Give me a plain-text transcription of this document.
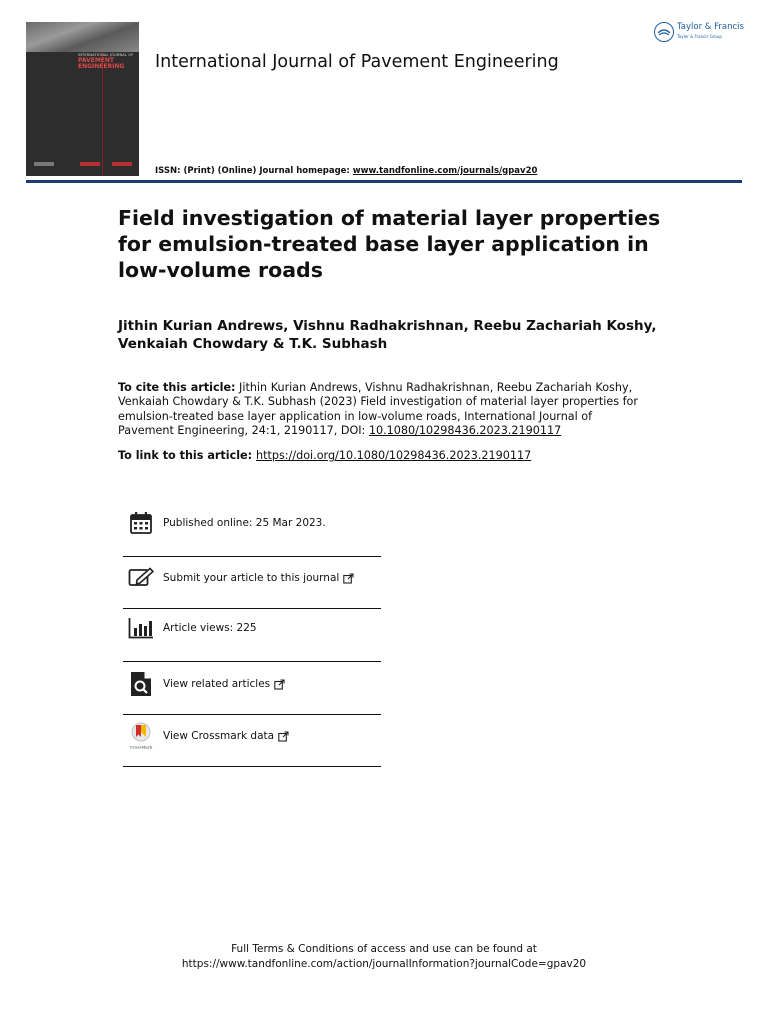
INTERNATIONAL JOURNAL OF
PAVEMENT
ENGINEERING International Journal of Pavement Engineering
Taylor & Francis
Taylor & Francis Group
ISSN: (Print) (Online) Journal homepage: www.tandfonline.com/journals/gpav20
Field investigation of material layer properties for emulsion-treated base layer application in low-volume roads
Jithin Kurian Andrews, Vishnu Radhakrishnan, Reebu Zachariah Koshy, Venkaiah Chowdary & T.K. Subhash
To cite this article: Jithin Kurian Andrews, Vishnu Radhakrishnan, Reebu Zachariah Koshy, Venkaiah Chowdary & T.K. Subhash (2023) Field investigation of material layer properties for emulsion-treated base layer application in low-volume roads, International Journal of Pavement Engineering, 24:1, 2190117, DOI: 10.1080/10298436.2023.2190117
To link to this article: https://doi.org/10.1080/10298436.2023.2190117
Published online: 25 Mar 2023.
Submit your article to this journal
Article views: 225
View related articles
CrossMark
View Crossmark data
Full Terms & Conditions of access and use can be found at
https://www.tandfonline.com/action/journalInformation?journalCode=gpav20
